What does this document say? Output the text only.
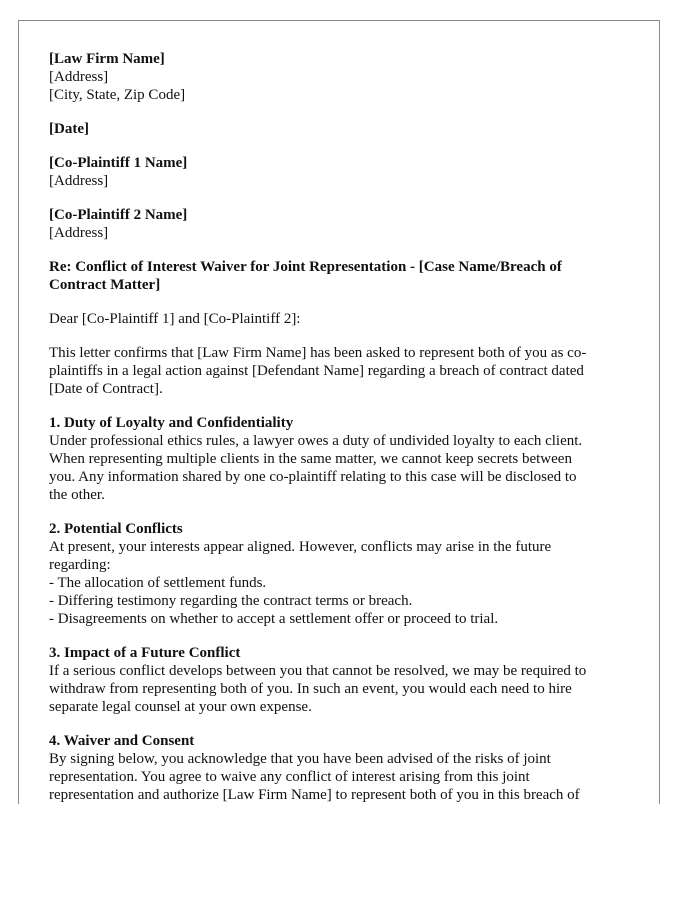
[Law Firm Name]
[Address]
[City, State, Zip Code]
[Date]
[Co-Plaintiff 1 Name]
[Address]
[Co-Plaintiff 2 Name]
[Address]
Re: Conflict of Interest Waiver for Joint Representation - [Case Name/Breach of
Contract Matter]
Dear [Co-Plaintiff 1] and [Co-Plaintiff 2]:
This letter confirms that [Law Firm Name] has been asked to represent both of you as co-
plaintiffs in a legal action against [Defendant Name] regarding a breach of contract dated
[Date of Contract].
1. Duty of Loyalty and Confidentiality
Under professional ethics rules, a lawyer owes a duty of undivided loyalty to each client.
When representing multiple clients in the same matter, we cannot keep secrets between
you. Any information shared by one co-plaintiff relating to this case will be disclosed to
the other.
2. Potential Conflicts
At present, your interests appear aligned. However, conflicts may arise in the future
regarding:
- The allocation of settlement funds.
- Differing testimony regarding the contract terms or breach.
- Disagreements on whether to accept a settlement offer or proceed to trial.
3. Impact of a Future Conflict
If a serious conflict develops between you that cannot be resolved, we may be required to
withdraw from representing both of you. In such an event, you would each need to hire
separate legal counsel at your own expense.
4. Waiver and Consent
By signing below, you acknowledge that you have been advised of the risks of joint
representation. You agree to waive any conflict of interest arising from this joint
representation and authorize [Law Firm Name] to represent both of you in this breach of
